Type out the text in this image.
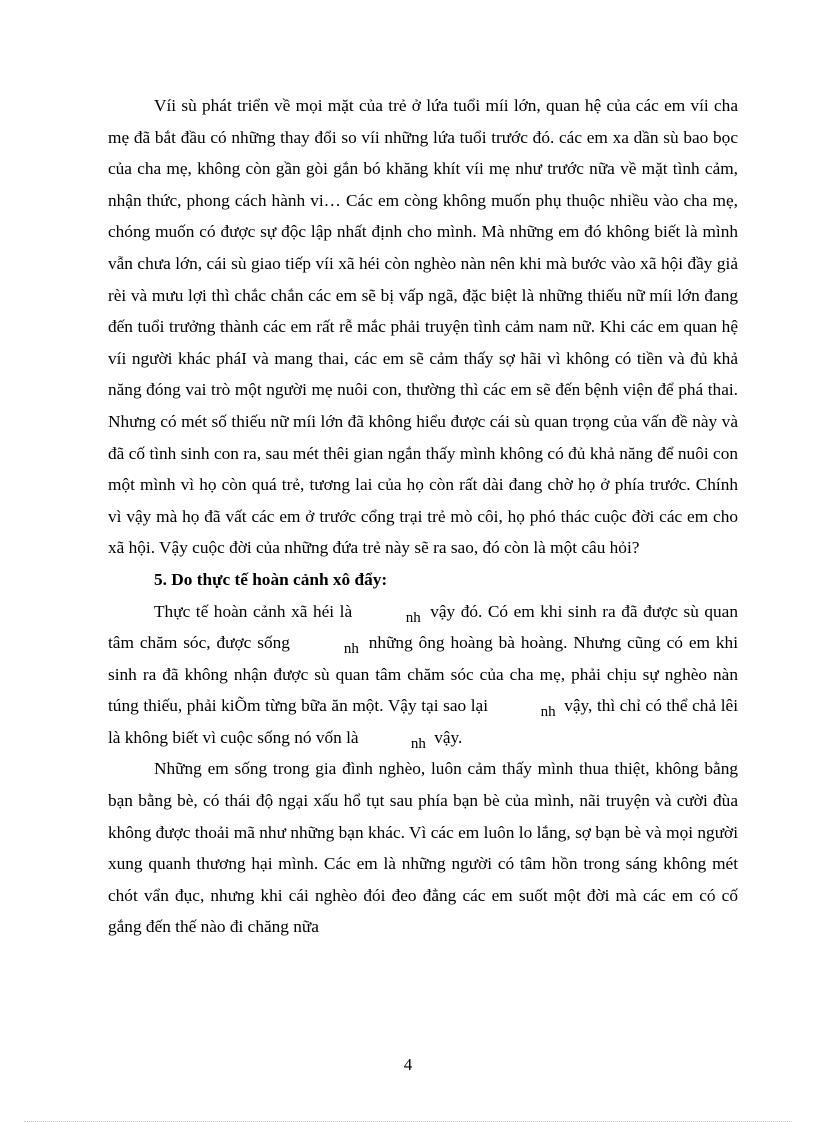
Víi sù phát triển về mọi mặt của trẻ ở lứa tuổi míi lớn, quan hệ của các em víi cha mẹ đã bắt đầu có những thay đổi so víi những lứa tuổi trước đó. các em xa dần sù bao bọc của cha mẹ, không còn gần gòi gắn bó khăng khít víi mẹ như trước nữa về mặt tình cảm, nhận thức, phong cách hành vi… Các em còng không muốn phụ thuộc nhiều vào cha mẹ, chóng muốn có được sự độc lập nhất định cho mình. Mà những em đó không biết là mình vẫn chưa lớn, cái sù giao tiếp víi xã héi còn nghèo nàn nên khi mà bước vào xã hội đầy giả rèi và mưu lợi thì chắc chắn các em sẽ bị vấp ngã, đặc biệt là những thiếu nữ míi lớn đang đến tuổi trưởng thành các em rất rễ mắc phải truyện tình cảm nam nữ. Khi các em quan hệ víi người khác pháI và mang thai, các em sẽ cảm thấy sợ hãi vì không có tiền và đủ khả năng đóng vai trò một người mẹ nuôi con, thường thì các em sẽ đến bệnh viện để phá thai. Nhưng có mét số thiếu nữ míi lớn đã không hiểu được cái sù quan trọng của vấn đề này và đã cố tình sinh con ra, sau mét thêi gian ngắn thấy mình không có đủ khả năng để nuôi con một mình vì họ còn quá trẻ, tương lai của họ còn rất dài đang chờ họ ở phía trước. Chính vì vậy mà họ đã vất các em ở trước cổng trại trẻ mò côi, họ phó thác cuộc đời các em cho xã hội. Vậy cuộc đời của những đứa trẻ này sẽ ra sao, đó còn là một câu hỏi?

5. Do thực tế hoàn cảnh xô đẩy:

Thực tế hoàn cảnh xã héi là	nh vậy đó. Có em khi sinh ra đã được sù quan tâm chăm sóc, được sống	nh những ông hoàng bà hoàng. Nhưng cũng có em khi sinh ra đã không nhận được sù quan tâm chăm sóc của cha mẹ, phải chịu sự nghèo nàn túng thiếu, phải kiÕm từng bữa ăn một. Vậy tại sao lại	nh vậy, thì chỉ có thể chả lêi là không biết vì cuộc sống nó vốn là	nh vậy.

Những em sống trong gia đình nghèo, luôn cảm thấy mình thua thiệt, không bằng bạn bằng bè, có thái độ ngại xấu hổ tụt sau phía bạn bè của mình, nãi truyện và cười đùa không được thoải mã như những bạn khác. Vì các em luôn lo lắng, sợ bạn bè và mọi người xung quanh thương hại mình. Các em là những người có tâm hồn trong sáng không mét chót vẩn đục, nhưng khi cái nghèo đói đeo đẳng các em suốt một đời mà các em có cố gắng đến thế nào đi chăng nữa

4
